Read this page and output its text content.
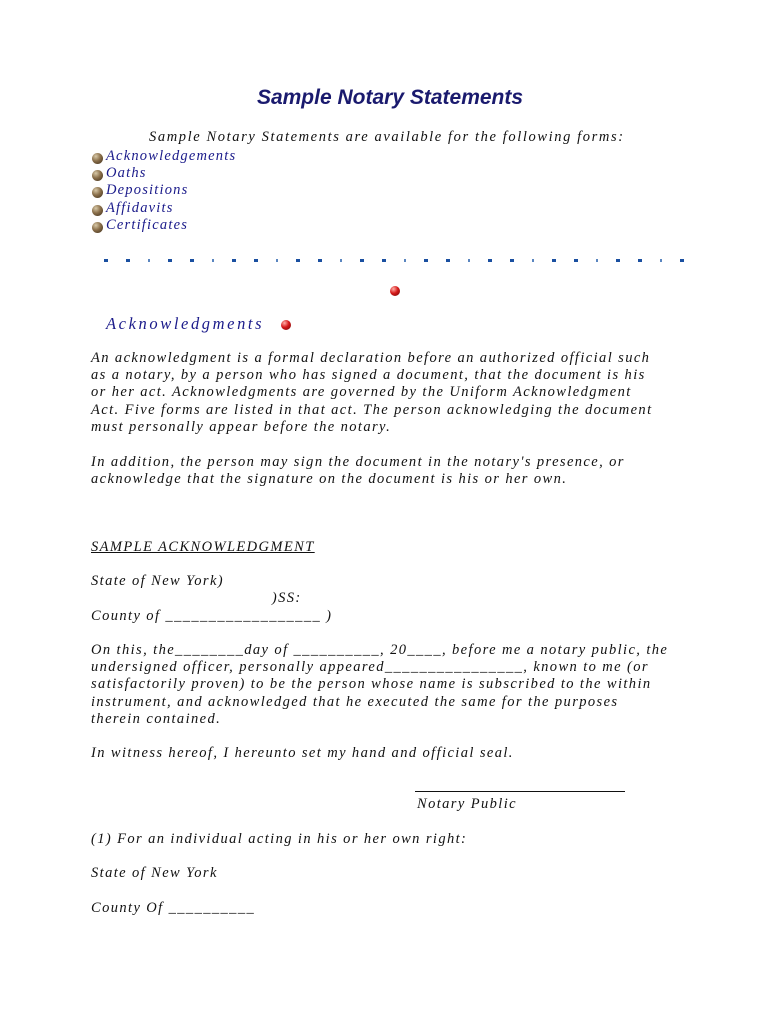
Sample Notary Statements
Sample Notary Statements are available for the following forms:
Acknowledgements
Oaths
Depositions
Affidavits
Certificates
Acknowledgments

An acknowledgment is a formal declaration before an authorized official such
as a notary, by a person who has signed a document, that the document is his
or her act. Acknowledgments are governed by the Uniform Acknowledgment
Act. Five forms are listed in that act. The person acknowledging the document
must personally appear before the notary.

In addition, the person may sign the document in the notary's presence, or
acknowledge that the signature on the document is his or her own.

SAMPLE ACKNOWLEDGMENT

State of New York)

)SS:

County of __________________ )

On this, the________day of __________, 20____, before me a notary public, the
undersigned officer, personally appeared________________, known to me (or
satisfactorily proven) to be the person whose name is subscribed to the within
instrument, and acknowledged that he executed the same for the purposes
therein contained.

In witness hereof, I hereunto set my hand and official seal.

Notary Public

(1) For an individual acting in his or her own right:

State of New York

County Of __________
